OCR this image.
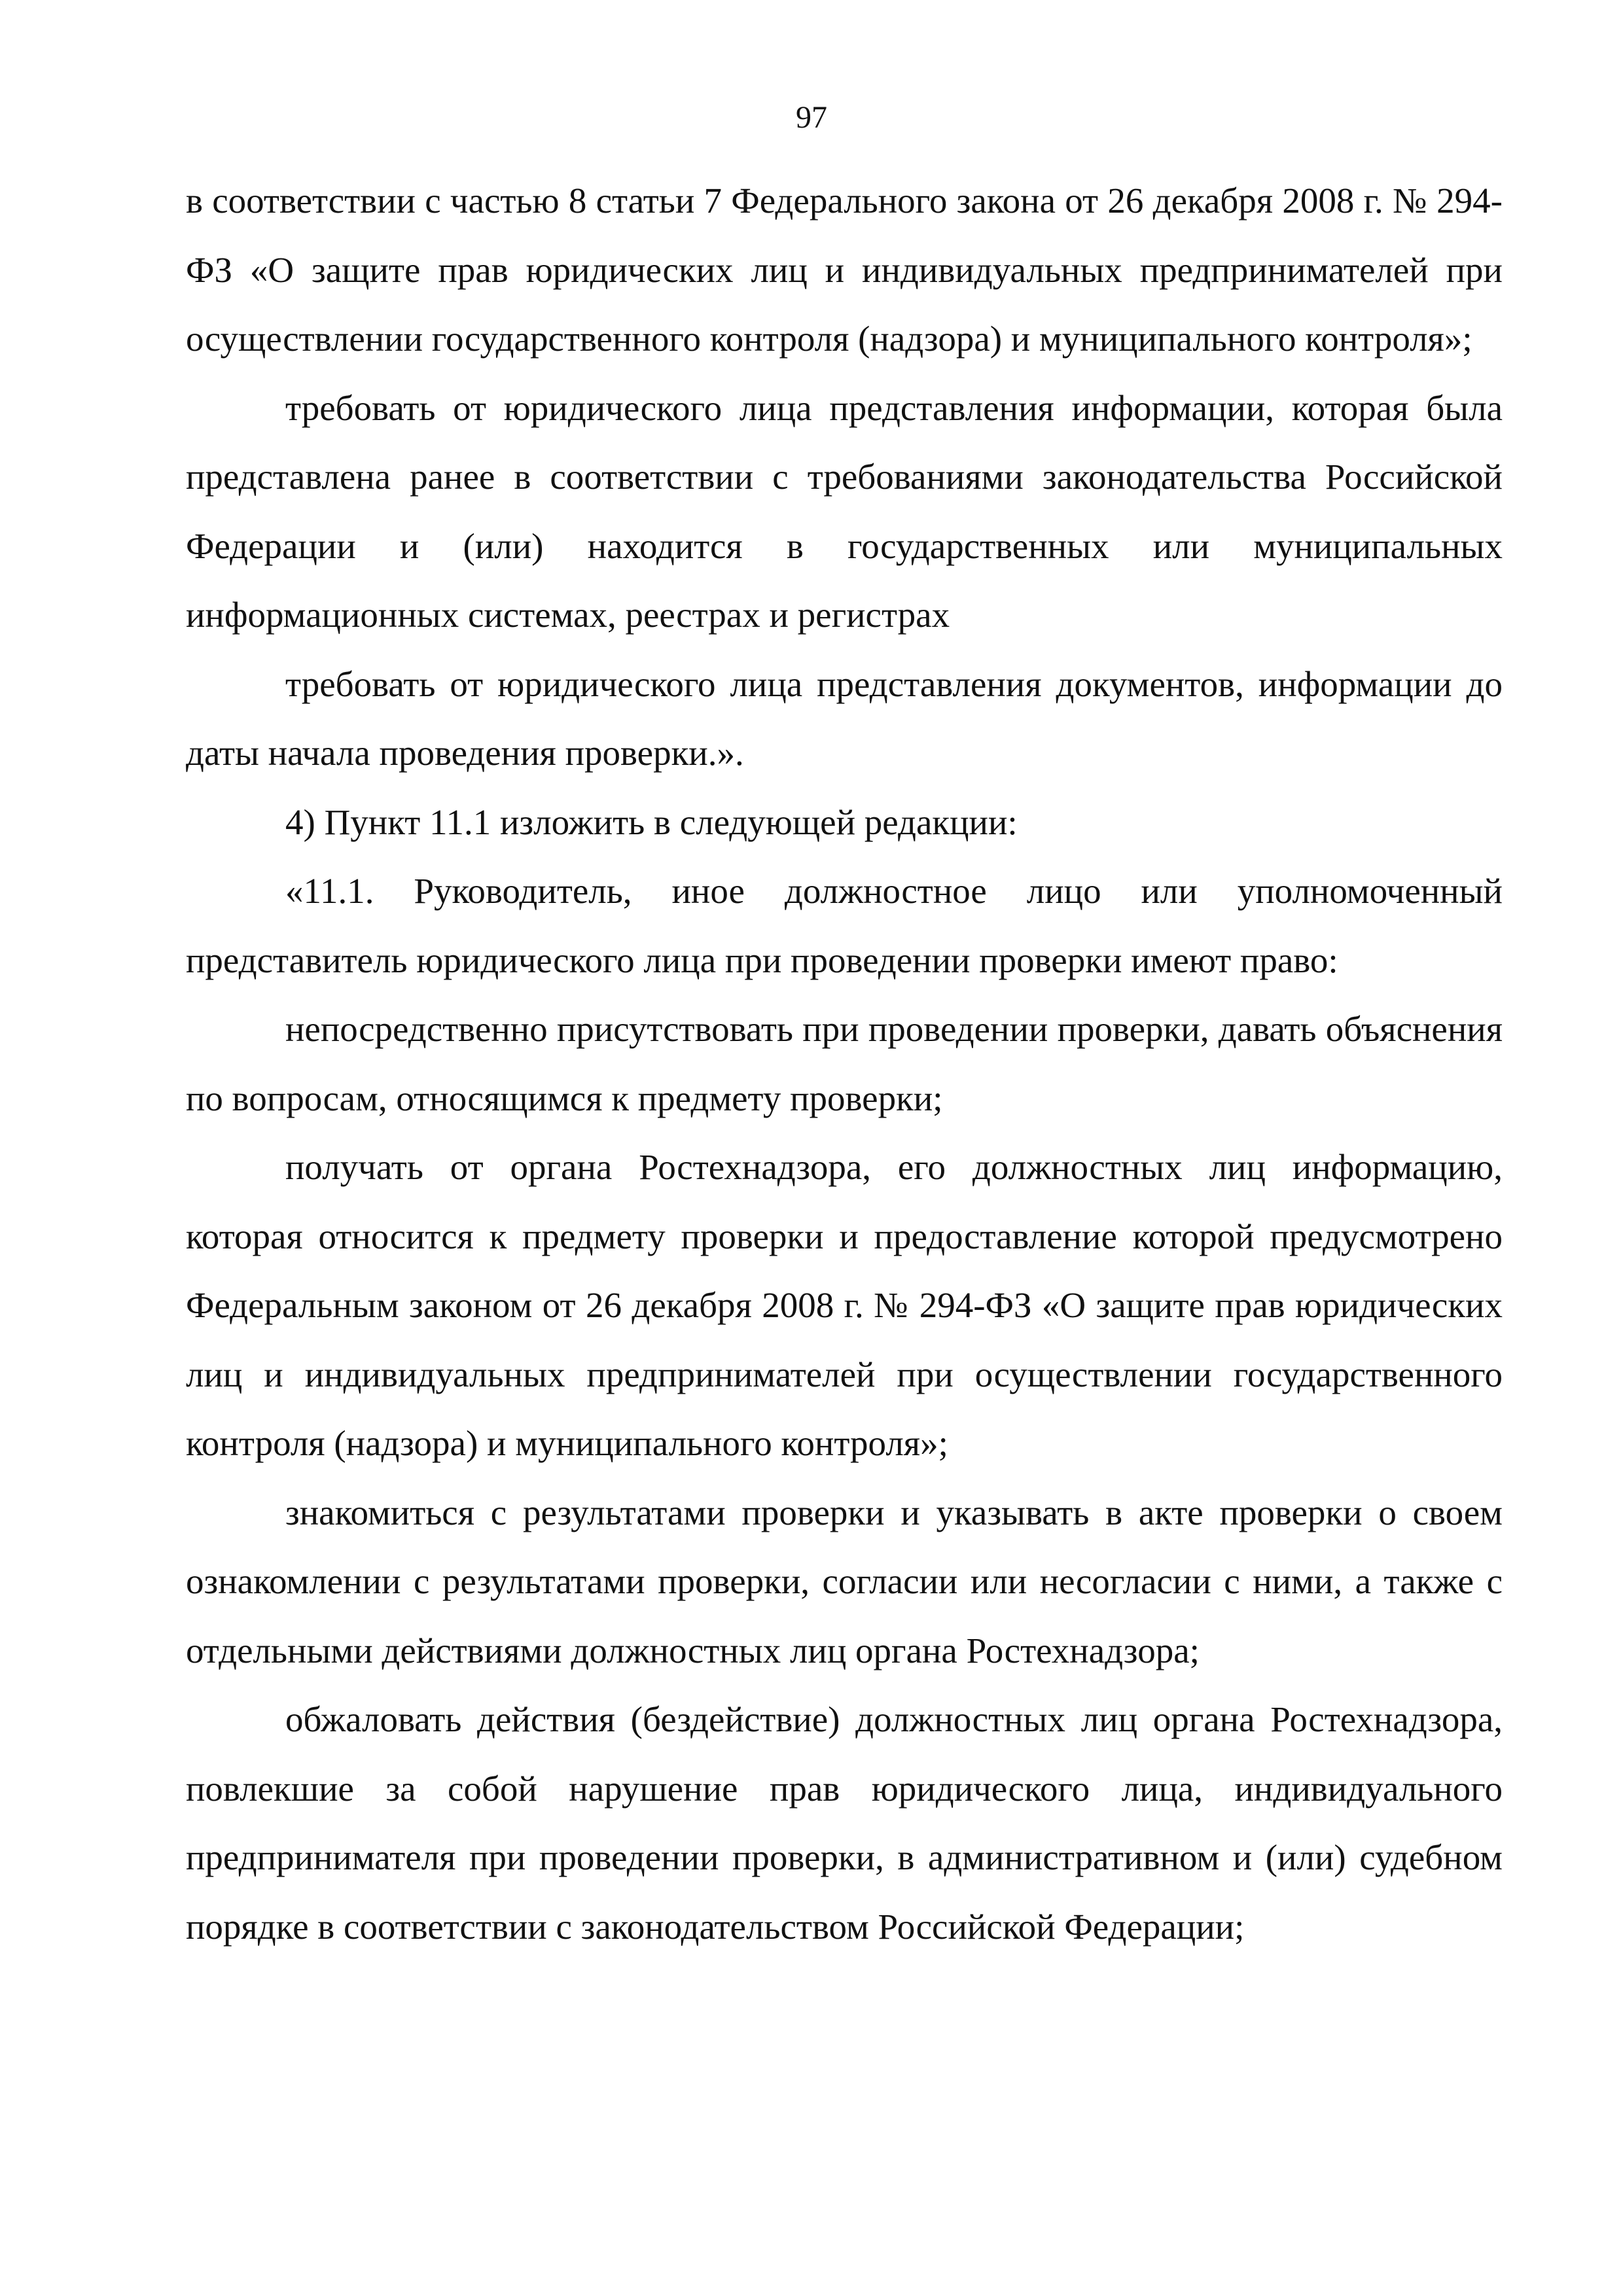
97

в соответствии с частью 8 статьи 7 Федерального закона от 26 декабря 2008 г. № 294-ФЗ «О защите прав юридических лиц и индивидуальных предпринимателей при осуществлении государственного контроля (надзора) и муниципального контроля»;

требовать от юридического лица представления информации, которая была представлена ранее в соответствии с требованиями законодательства Российской Федерации и (или) находится в государственных или муниципальных информационных системах, реестрах и регистрах

требовать от юридического лица представления документов, информации до даты начала проведения проверки.».

4) Пункт 11.1 изложить в следующей редакции:

«11.1. Руководитель, иное должностное лицо или уполномоченный представитель юридического лица при проведении проверки имеют право:

непосредственно присутствовать при проведении проверки, давать объяснения по вопросам, относящимся к предмету проверки;

получать от органа Ростехнадзора, его должностных лиц информацию, которая относится к предмету проверки и предоставление которой предусмотрено Федеральным законом от 26 декабря 2008 г. № 294-ФЗ «О защите прав юридических лиц и индивидуальных предпринимателей при осуществлении государственного контроля (надзора) и муниципального контроля»;

знакомиться с результатами проверки и указывать в акте проверки о своем ознакомлении с результатами проверки, согласии или несогласии с ними, а также с отдельными действиями должностных лиц органа Ростехнадзора;

обжаловать действия (бездействие) должностных лиц органа Ростехнадзора, повлекшие за собой нарушение прав юридического лица, индивидуального предпринимателя при проведении проверки, в административном и (или) судебном порядке в соответствии с законодательством Российской Федерации;
